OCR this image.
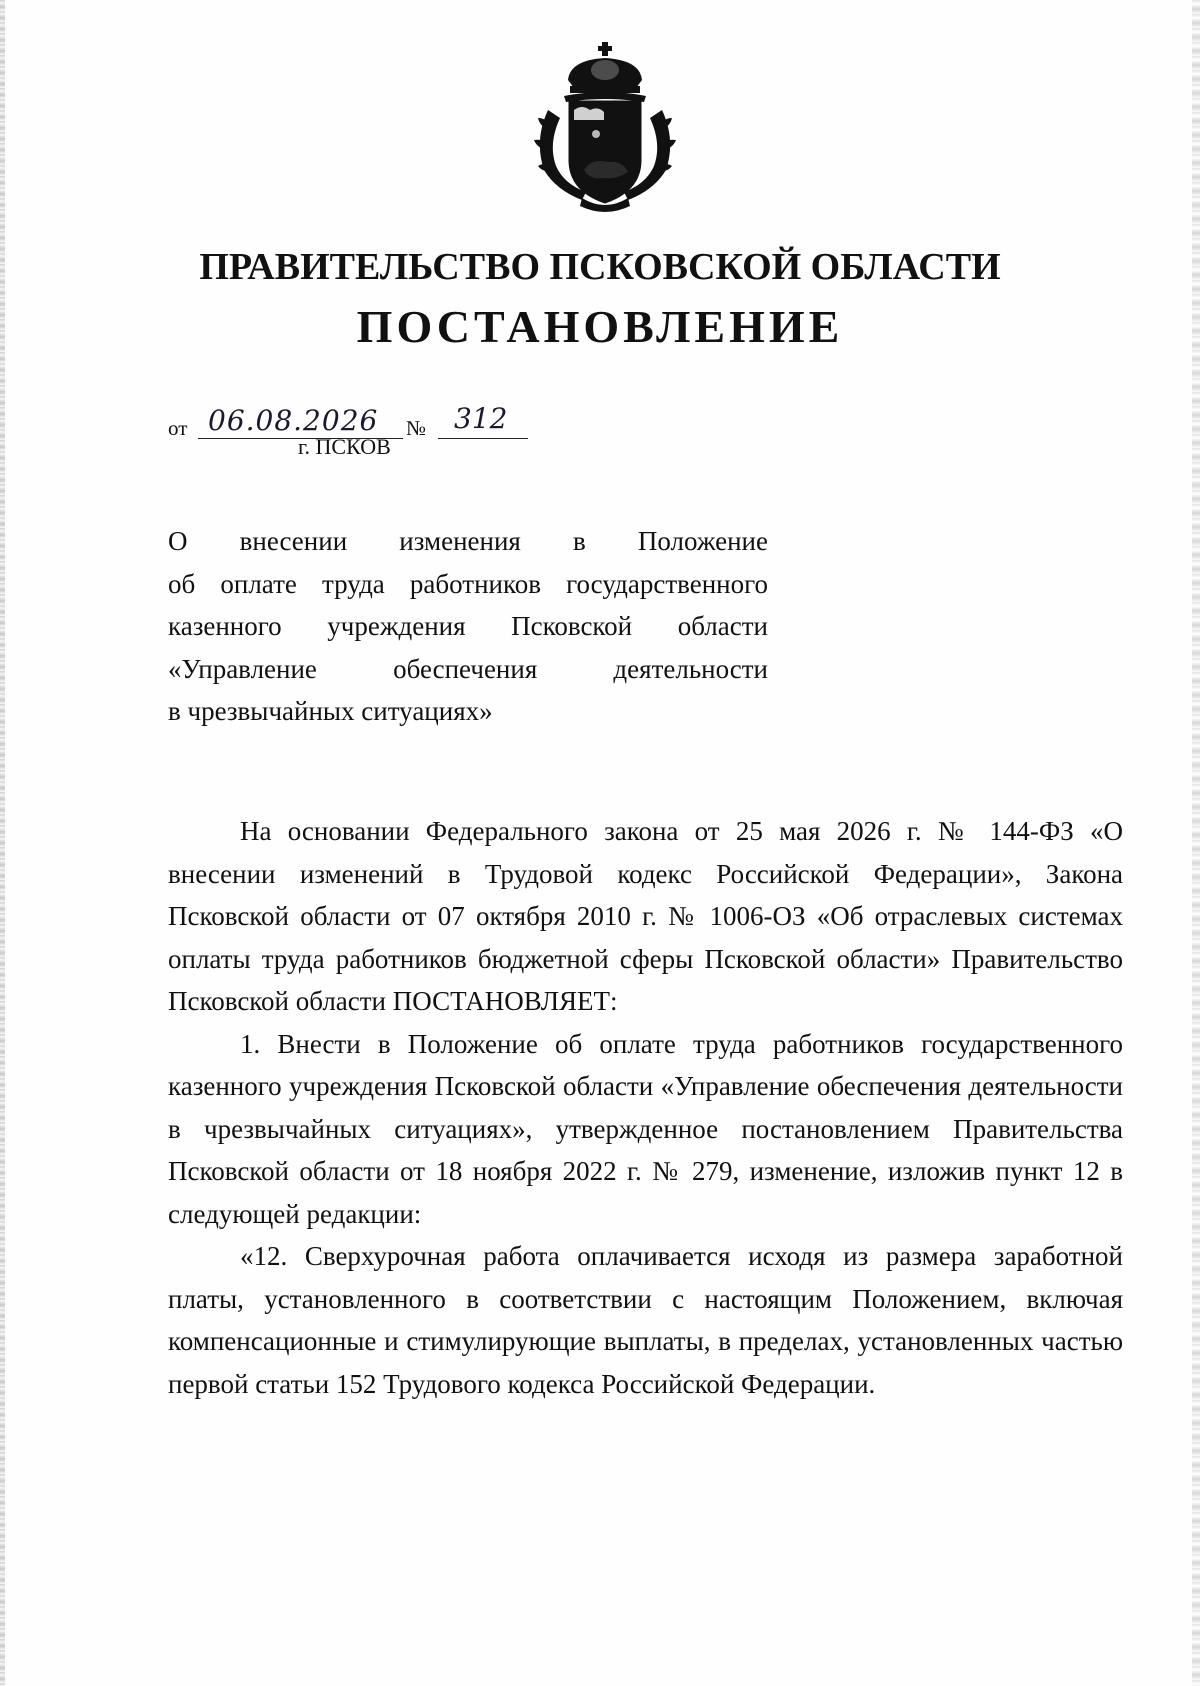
ПРАВИТЕЛЬСТВО ПСКОВСКОЙ ОБЛАСТИ
ПОСТАНОВЛЕНИЕ
от 06.08.2026 № 312
г. ПСКОВ
О внесении изменения в Положение
об оплате труда работников государственного
казенного учреждения Псковской области
«Управление обеспечения деятельности
в чрезвычайных ситуациях»

На основании Федерального закона от 25 мая 2026 г. № 144-ФЗ «О внесении изменений в Трудовой кодекс Российской Федерации», Закона Псковской области от 07 октября 2010 г. № 1006-ОЗ «Об отраслевых системах оплаты труда работников бюджетной сферы Псковской области» Правительство Псковской области ПОСТАНОВЛЯЕТ:

1. Внести в Положение об оплате труда работников государственного казенного учреждения Псковской области «Управление обеспечения деятельности в чрезвычайных ситуациях», утвержденное постановлением Правительства Псковской области от 18 ноября 2022 г. № 279, изменение, изложив пункт 12 в следующей редакции:

«12. Сверхурочная работа оплачивается исходя из размера заработной платы, установленного в соответствии с настоящим Положением, включая компенсационные и стимулирующие выплаты, в пределах, установленных частью первой статьи 152 Трудового кодекса Российской Федерации.
